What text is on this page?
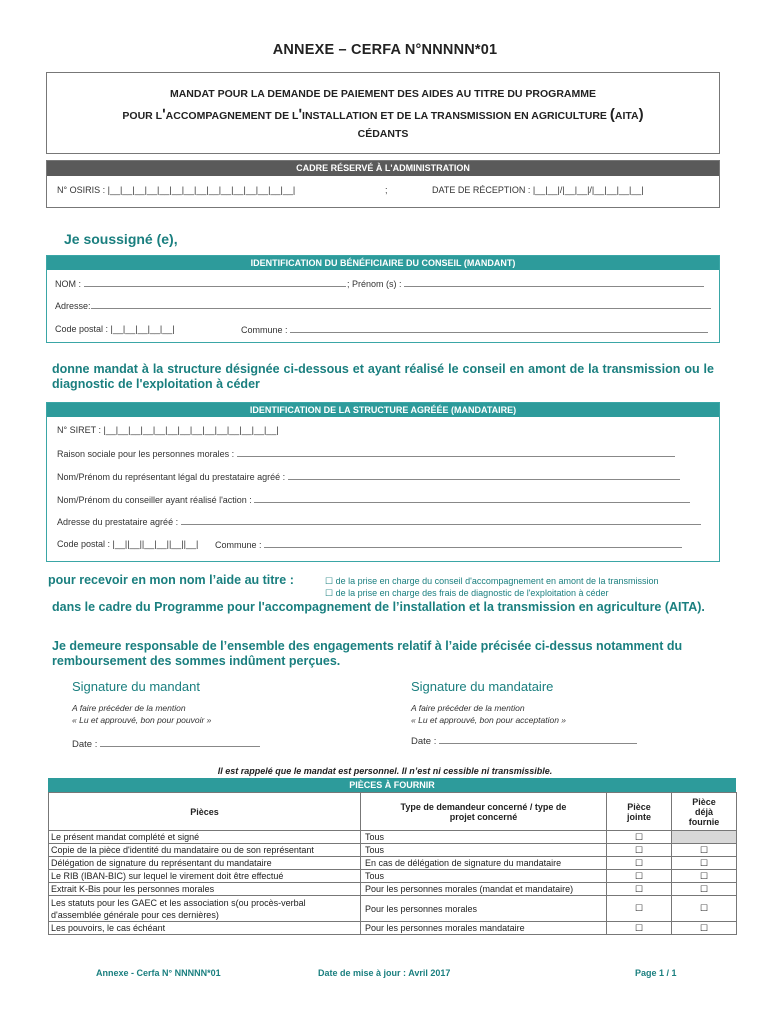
ANNEXE – CERFA N°NNNNN*01
MANDAT POUR LA DEMANDE DE PAIEMENT DES AIDES AU TITRE DU PROGRAMME
POUR LʹACCOMPAGNEMENT DE LʹINSTALLATION ET DE LA TRANSMISSION EN AGRICULTURE (AITA)
CÉDANTS
CADRE RÉSERVÉ À L'ADMINISTRATION
N° OSIRIS : |__|__|__|__|__|__|__|__|__|__|__|__|__|__|__|	;	DATE DE RÉCEPTION : |__|__|/|__|__|/|__|__|__|__|
Je soussigné (e),
IDENTIFICATION DU BÉNÉFICIAIRE DU CONSEIL (MANDANT)
NOM :	; Prénom (s) :
Adresse:
Code postal : |__|__|__|__|__|	Commune :
donne mandat à la structure désignée ci-dessous et ayant réalisé le conseil en amont de la transmission ou le diagnostic de l'exploitation à céder
IDENTIFICATION DE LA STRUCTURE AGRÉÉE (MANDATAIRE)
N° SIRET : |__|__|__|__|__|__|__|__|__|__|__|__|__|__|
Raison sociale pour les personnes morales :
Nom/Prénom du représentant légal du prestataire agréé :
Nom/Prénom du conseiller ayant réalisé l'action :
Adresse du prestataire agréé :
Code postal : |__||__||__|__||__||__| Commune :
pour recevoir en mon nom l’aide au titre :	☐ de la prise en charge du conseil d'accompagnement en amont de la transmission
☐ de la prise en charge des frais de diagnostic de l'exploitation à céder
dans le cadre du Programme pour l'accompagnement de l’installation et la transmission en agriculture (AITA).
Je demeure responsable de l’ensemble des engagements relatif à l’aide précisée ci-dessus notamment du remboursement des sommes indûment perçues.
Signature du mandant
A faire précéder de la mention
« Lu et approuvé, bon pour pouvoir »
Date :
Signature du mandataire
A faire précéder de la mention
« Lu et approuvé, bon pour acceptation »
Date :
Il est rappelé que le mandat est personnel. Il n’est ni cessible ni transmissible.
PIÈCES À FOURNIR
Pièces	Type de demandeur concerné / type de projet concerné	Pièce jointe	Pièce déjà fournie
Le présent mandat complété et signé	Tous	☐	
Copie de la pièce d'identité du mandataire ou de son représentant	Tous	☐	☐
Délégation de signature du représentant du mandataire	En cas de délégation de signature du mandataire	☐	☐
Le RIB (IBAN-BIC) sur lequel le virement doit être effectué	Tous	☐	☐
Extrait K-Bis pour les personnes morales	Pour les personnes morales (mandat et mandataire)	☐	☐
Les statuts pour les GAEC et les association s(ou procès-verbal d'assemblée générale pour ces dernières)	Pour les personnes morales	☐	☐
Les pouvoirs, le cas échéant	Pour les personnes morales mandataire	☐	☐
Annexe - Cerfa N° NNNNN*01	Date de mise à jour : Avril 2017	Page 1 / 1
